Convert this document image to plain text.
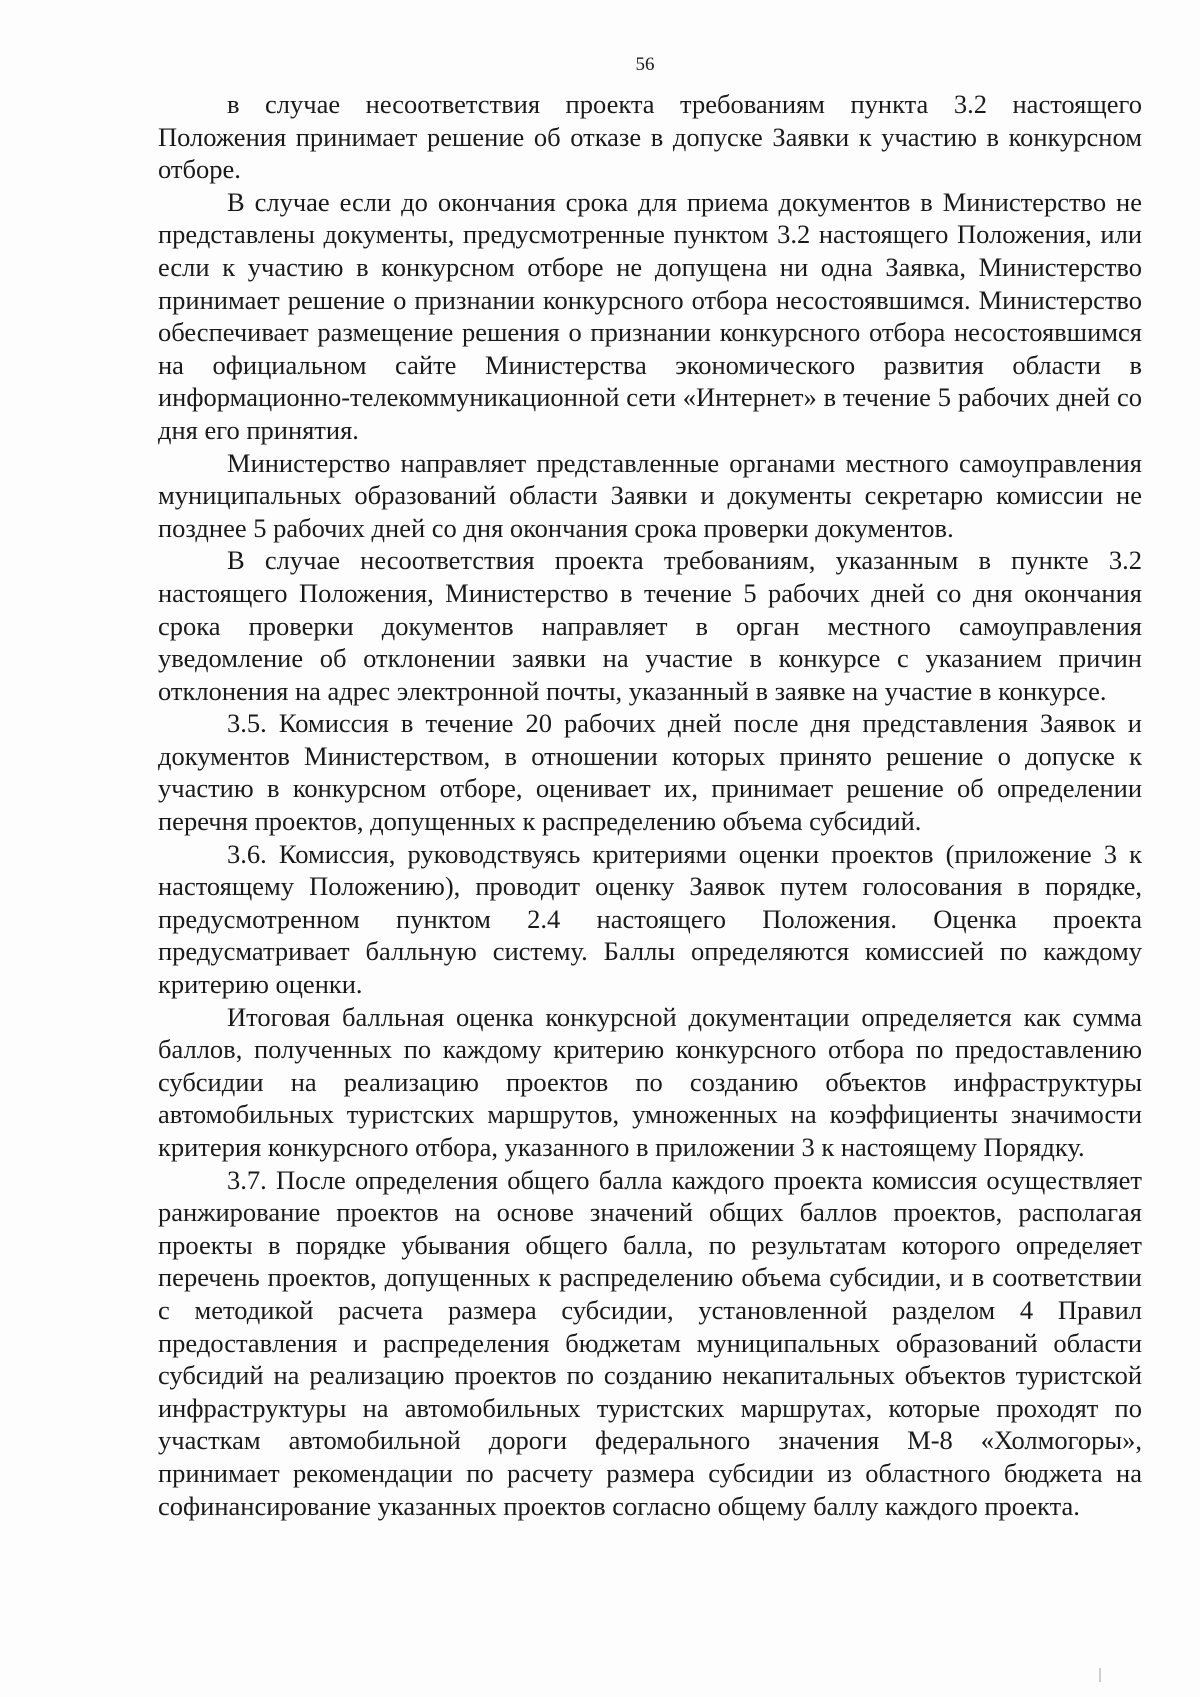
56

в случае несоответствия проекта требованиям пункта 3.2 настоящего Положения принимает решение об отказе в допуске Заявки к участию в конкурсном отборе.

В случае если до окончания срока для приема документов в Министерство не представлены документы, предусмотренные пунктом 3.2 настоящего Положения, или если к участию в конкурсном отборе не допущена ни одна Заявка, Министерство принимает решение о признании конкурсного отбора несостоявшимся. Министерство обеспечивает размещение решения о признании конкурсного отбора несостоявшимся на официальном сайте Министерства экономического развития области в информационно-телекоммуникационной сети «Интернет» в течение 5 рабочих дней со дня его принятия.

Министерство направляет представленные органами местного самоуправления муниципальных образований области Заявки и документы секретарю комиссии не позднее 5 рабочих дней со дня окончания срока проверки документов.

В случае несоответствия проекта требованиям, указанным в пункте 3.2 настоящего Положения, Министерство в течение 5 рабочих дней со дня окончания срока проверки документов направляет в орган местного самоуправления уведомление об отклонении заявки на участие в конкурсе с указанием причин отклонения на адрес электронной почты, указанный в заявке на участие в конкурсе.

3.5. Комиссия в течение 20 рабочих дней после дня представления Заявок и документов Министерством, в отношении которых принято решение о допуске к участию в конкурсном отборе, оценивает их, принимает решение об определении перечня проектов, допущенных к распределению объема субсидий.

3.6. Комиссия, руководствуясь критериями оценки проектов (приложение 3 к настоящему Положению), проводит оценку Заявок путем голосования в порядке, предусмотренном пунктом 2.4 настоящего Положения. Оценка проекта предусматривает балльную систему. Баллы определяются комиссией по каждому критерию оценки.

Итоговая балльная оценка конкурсной документации определяется как сумма баллов, полученных по каждому критерию конкурсного отбора по предоставлению субсидии на реализацию проектов по созданию объектов инфраструктуры автомобильных туристских маршрутов, умноженных на коэффициенты значимости критерия конкурсного отбора, указанного в приложении 3 к настоящему Порядку.

3.7. После определения общего балла каждого проекта комиссия осуществляет ранжирование проектов на основе значений общих баллов проектов, располагая проекты в порядке убывания общего балла, по результатам которого определяет перечень проектов, допущенных к распределению объема субсидии, и в соответствии с методикой расчета размера субсидии, установленной разделом 4 Правил предоставления и распределения бюджетам муниципальных образований области субсидий на реализацию проектов по созданию некапитальных объектов туристской инфраструктуры на автомобильных туристских маршрутах, которые проходят по участкам автомобильной дороги федерального значения М-8 «Холмогоры», принимает рекомендации по расчету размера субсидии из областного бюджета на софинансирование указанных проектов согласно общему баллу каждого проекта.
